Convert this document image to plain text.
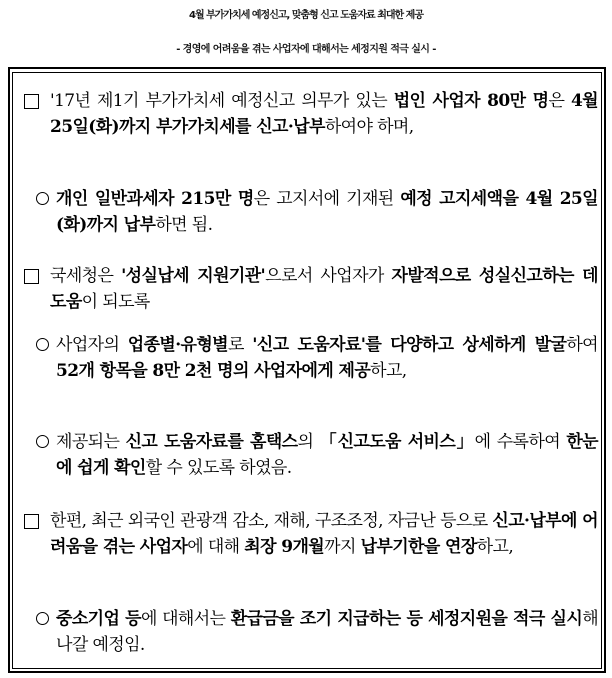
4월 부가가치세 예정신고, 맞춤형 신고 도움자료 최대한 제공
- 경영에 어려움을 겪는 사업자에 대해서는 세정지원 적극 실시 -
'17년 제1기 부가가치세 예정신고 의무가 있는 법인 사업자 80만 명은 4월 25일(화)까지 부가가치세를 신고·납부하여야 하며,
개인 일반과세자 215만 명은 고지서에 기재된 예정 고지세액을 4월 25일(화)까지 납부하면 됨.
국세청은 '성실납세 지원기관'으로서 사업자가 자발적으로 성실신고하는 데 도움이 되도록
사업자의 업종별·유형별로 '신고 도움자료'를 다양하고 상세하게 발굴하여 52개 항목을 8만 2천 명의 사업자에게 제공하고,
제공되는 신고 도움자료를 홈택스의 「신고도움 서비스」에 수록하여 한눈에 쉽게 확인할 수 있도록 하였음.
한편, 최근 외국인 관광객 감소, 재해, 구조조정, 자금난 등으로 신고·납부에 어려움을 겪는 사업자에 대해 최장 9개월까지 납부기한을 연장하고,
중소기업 등에 대해서는 환급금을 조기 지급하는 등 세정지원을 적극 실시해 나갈 예정임.
